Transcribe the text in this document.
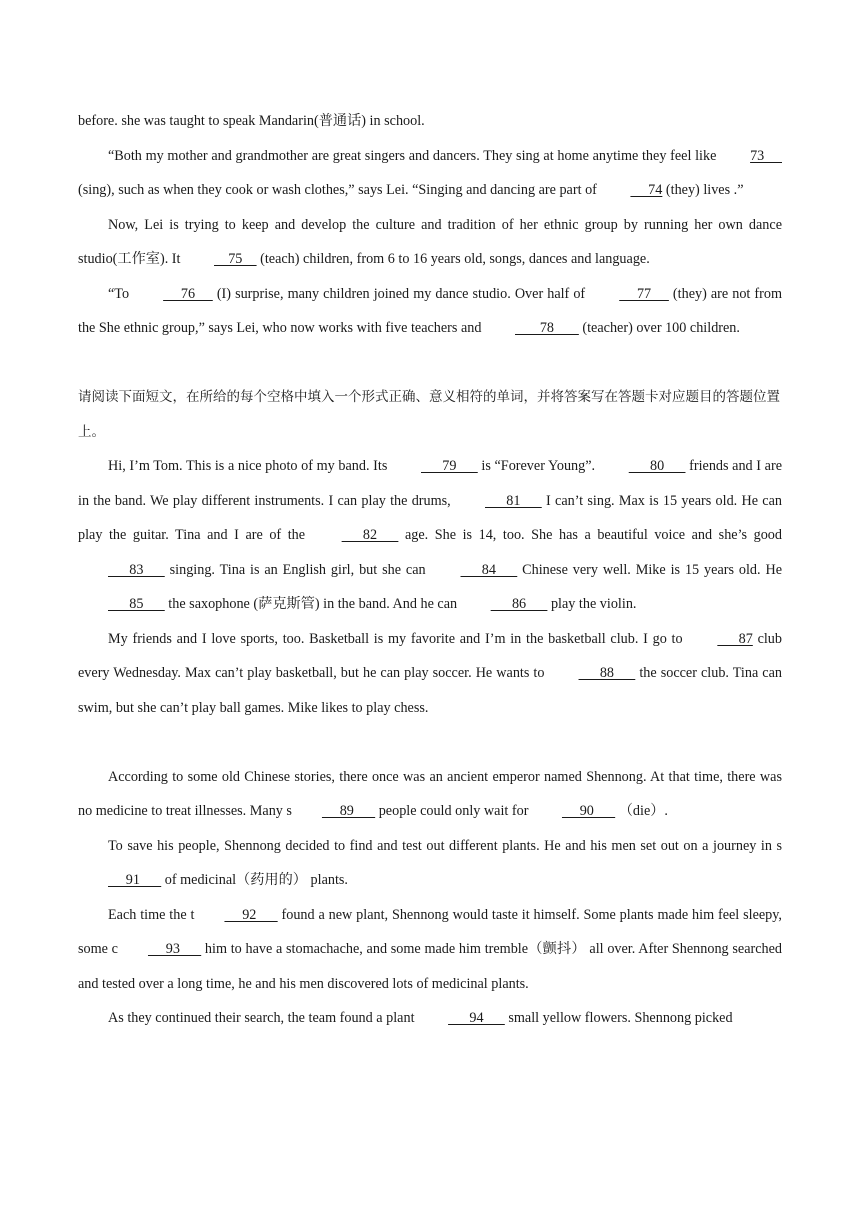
before. she was taught to speak Mandarin(普通话) in school.

“Both my mother and grandmother are great singers and dancers. They sing at home anytime they feel like 73      (sing), such as when they cook or wash clothes,” says Lei. “Singing and dancing are part of      74 (they) lives .”

Now, Lei is trying to keep and develop the culture and tradition of her ethnic group by running her own dance studio(工作室). It     75     (teach) children, from 6 to 16 years old, songs, dances and language.

“To      76      (I) surprise, many children joined my dance studio. Over half of      77      (they) are not from the She ethnic group,” says Lei, who now works with five teachers and        78        (teacher) over 100 children.

请阅读下面短文，在所给的每个空格中填入一个形式正确、意义相符的单词，并将答案写在答题卡对应题目的答题位置上。

Hi, I’m Tom. This is a nice photo of my band. Its       79       is “Forever Young”.       80       friends and I are in the band. We play different instruments. I can play the drums,       81       I can’t sing. Max is 15 years old. He can play the guitar. Tina and I are of the       82       age. She is 14, too. She has a beautiful voice and she’s good       83       singing. Tina is an English girl, but she can       84       Chinese very well. Mike is 15 years old. He       85       the saxophone (萨克斯管) in the band. And he can       86       play the violin.

My friends and I love sports, too. Basketball is my favorite and I’m in the basketball club. I go to       87 club every Wednesday. Max can’t play basketball, but he can play soccer. He wants to       88       the soccer club. Tina can swim, but she can’t play ball games. Mike likes to play chess.

According to some old Chinese stories, there once was an ancient emperor named Shennong. At that time, there was no medicine to treat illnesses. Many s     89       people could only wait for      90       （die）.

To save his people, Shennong decided to find and test out different plants. He and his men set out on a journey in s     91       of medicinal（药用的） plants.

Each time the t     92       found a new plant, Shennong would taste it himself. Some plants made him feel sleepy, some c     93       him to have a stomachache, and some made him tremble（颤抖） all over. After Shennong searched and tested over a long time, he and his men discovered lots of medicinal plants.

As they continued their search, the team found a plant       94       small yellow flowers. Shennong picked
